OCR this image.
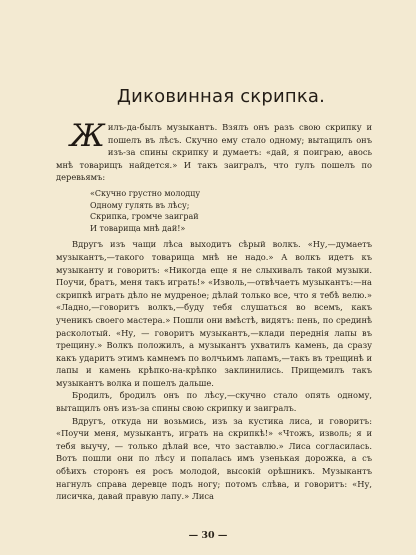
Диковинная скрипка.

Жилъ-да-былъ музыкантъ. Взялъ онъ разъ свою скрипку и пошелъ въ лѣсъ. Скучно ему стало одному; вытащилъ онъ изъ-за спины скрипку и думаетъ: «дай, я поиграю, авось мнѣ товарищъ найдется.» И такъ заигралъ, что гулъ пошелъ по деревьямъ:

«Скучно грустно молодцу
Одному гулять въ лѣсу;
Скрипка, громче заиграй
И товарища мнѣ дай!»

Вдругъ изъ чащи лѣса выходитъ сѣрый волкъ. «Ну,—думаетъ музыкантъ,—такого товарища мнѣ не надо.» А волкъ идетъ къ музыканту и говоритъ: «Никогда еще я не слыхивалъ такой музыки. Поучи, братъ, меня такъ играть!» «Изволь,—отвѣчаетъ музыкантъ:—на скрипкѣ играть дѣло не мудреное; дѣлай только все, что я тебѣ велю.» «Ладно,—говоритъ волкъ,—буду тебя слушаться во всемъ, какъ ученикъ своего мастера.» Пошли они вмѣстѣ, видятъ: пень, по срединѣ расколотый. «Ну, — говоритъ музыкантъ,—клади переднія лапы въ трещину.» Волкъ положилъ, а музыкантъ ухватилъ камень, да сразу какъ ударитъ этимъ камнемъ по волчьимъ лапамъ,—такъ въ трещинѣ и лапы и камень крѣпко-на-крѣпко заклинились. Прищемилъ такъ музыкантъ волка и пошелъ дальше.

Бродилъ, бродилъ онъ по лѣсу,—скучно стало опять одному, вытащилъ онъ изъ-за спины свою скрипку и заигралъ.

Вдругъ, откуда ни возьмись, изъ за кустика лиса, и говоритъ: «Поучи меня, музыкантъ, играть на скрипкѣ!» «Чтожъ, изволь; я и тебя выучу, — только дѣлай все, что заставлю.» Лиса согласилась. Вотъ пошли они по лѣсу и попалась имъ узенькая дорожка, а съ обѣихъ сторонъ ея росъ молодой, высокій орѣшникъ. Музыкантъ нагнулъ справа деревце подъ ногу; потомъ слѣва, и говоритъ: «Ну, лисичка, давай правую лапу.» Лиса

— 30 —
